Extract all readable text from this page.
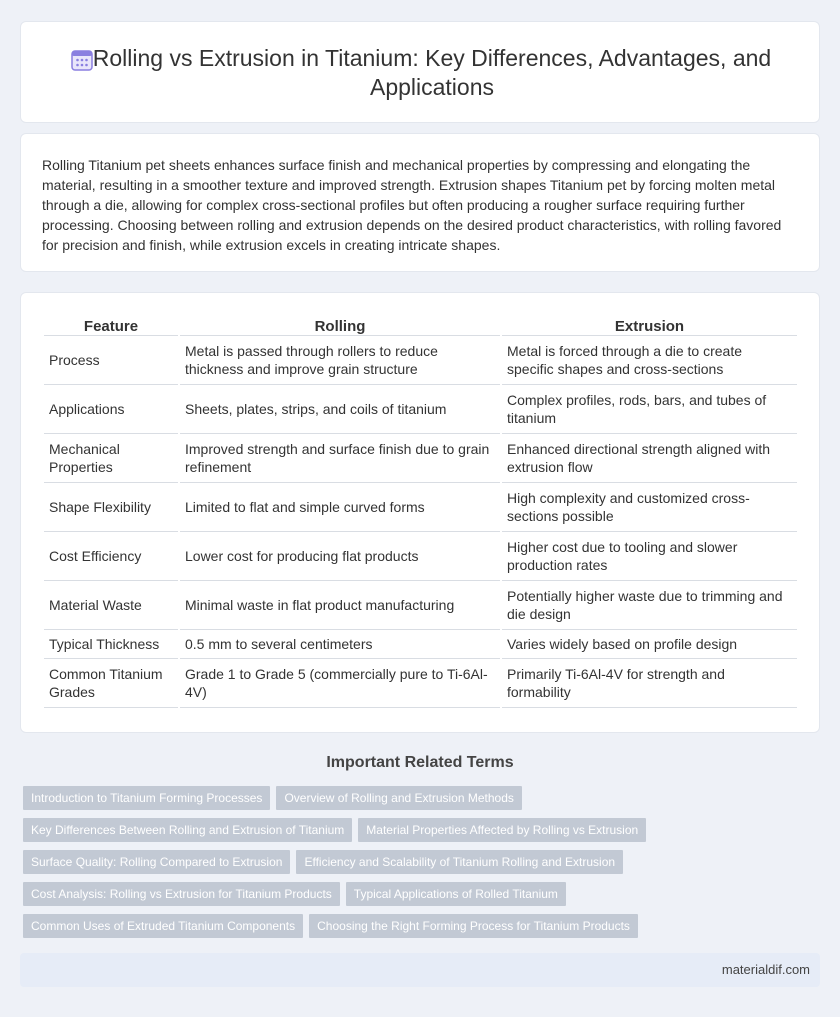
Rolling vs Extrusion in Titanium: Key Differences, Advantages, and Applications

Rolling Titanium pet sheets enhances surface finish and mechanical properties by compressing and elongating the material, resulting in a smoother texture and improved strength. Extrusion shapes Titanium pet by forcing molten metal through a die, allowing for complex cross-sectional profiles but often producing a rougher surface requiring further processing. Choosing between rolling and extrusion depends on the desired product characteristics, with rolling favored for precision and finish, while extrusion excels in creating intricate shapes.

Feature	Rolling	Extrusion
Process	Metal is passed through rollers to reduce thickness and improve grain structure	Metal is forced through a die to create specific shapes and cross-sections
Applications	Sheets, plates, strips, and coils of titanium	Complex profiles, rods, bars, and tubes of titanium
Mechanical Properties	Improved strength and surface finish due to grain refinement	Enhanced directional strength aligned with extrusion flow
Shape Flexibility	Limited to flat and simple curved forms	High complexity and customized cross-sections possible
Cost Efficiency	Lower cost for producing flat products	Higher cost due to tooling and slower production rates
Material Waste	Minimal waste in flat product manufacturing	Potentially higher waste due to trimming and die design
Typical Thickness	0.5 mm to several centimeters	Varies widely based on profile design
Common Titanium Grades	Grade 1 to Grade 5 (commercially pure to Ti-6Al-4V)	Primarily Ti-6Al-4V for strength and formability
Important Related Terms
Introduction to Titanium Forming Processes Overview of Rolling and Extrusion Methods
Key Differences Between Rolling and Extrusion of Titanium Material Properties Affected by Rolling vs Extrusion
Surface Quality: Rolling Compared to Extrusion Efficiency and Scalability of Titanium Rolling and Extrusion
Cost Analysis: Rolling vs Extrusion for Titanium Products Typical Applications of Rolled Titanium
Common Uses of Extruded Titanium Components Choosing the Right Forming Process for Titanium Products
materialdif.com
